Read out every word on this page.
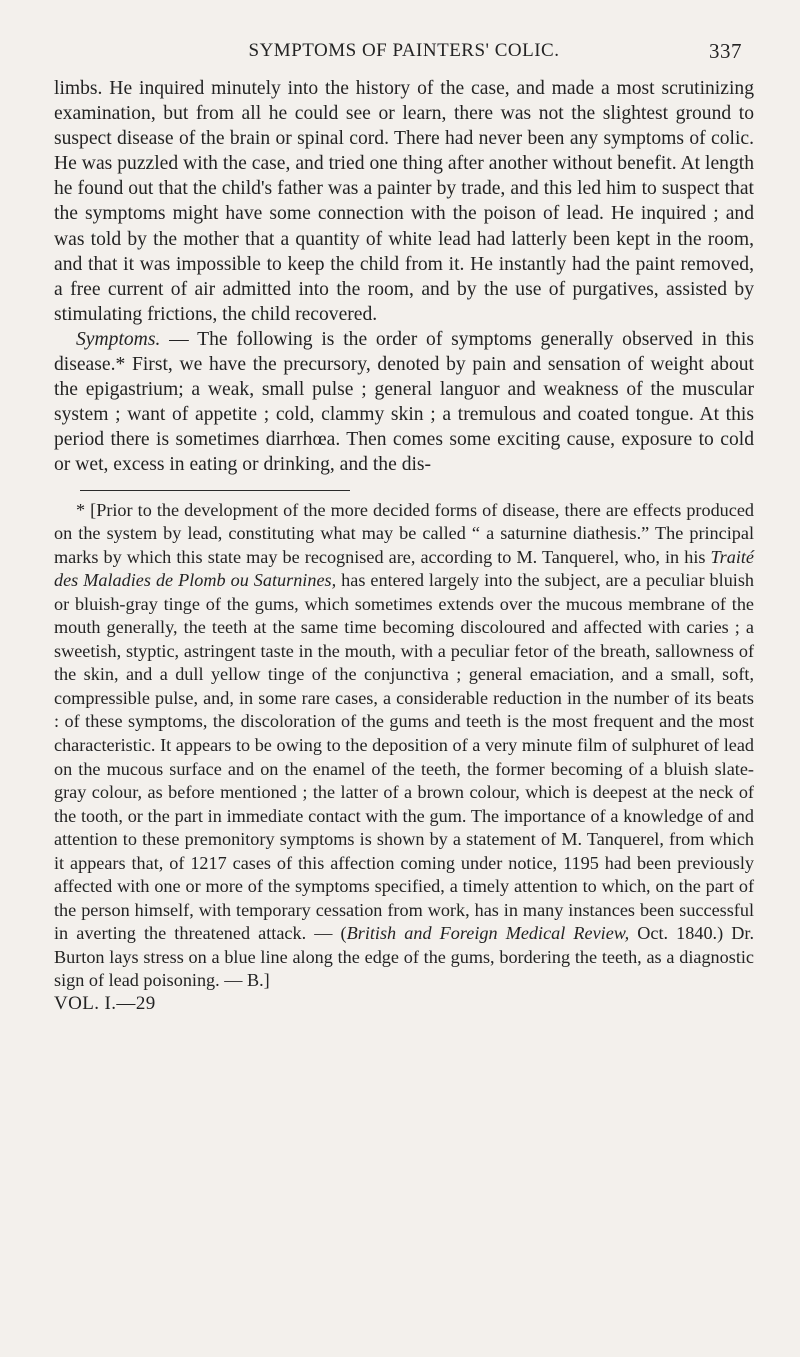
SYMPTOMS OF PAINTERS' COLIC.	337

limbs. He inquired minutely into the history of the case, and made a most scrutinizing examination, but from all he could see or learn, there was not the slightest ground to suspect disease of the brain or spinal cord. There had never been any symptoms of colic. He was puzzled with the case, and tried one thing after another without benefit. At length he found out that the child's father was a painter by trade, and this led him to suspect that the symptoms might have some connection with the poison of lead. He inquired ; and was told by the mother that a quantity of white lead had latterly been kept in the room, and that it was impossible to keep the child from it. He instantly had the paint removed, a free current of air admitted into the room, and by the use of purgatives, assisted by stimulating frictions, the child recovered.

Symptoms. — The following is the order of symptoms generally observed in this disease.* First, we have the precursory, denoted by pain and sensation of weight about the epigastrium; a weak, small pulse ; general languor and weakness of the muscular system ; want of appetite ; cold, clammy skin ; a tremulous and coated tongue. At this period there is sometimes diarrhœa. Then comes some exciting cause, exposure to cold or wet, excess in eating or drinking, and the dis-

* [Prior to the development of the more decided forms of disease, there are effects produced on the system by lead, constituting what may be called “ a saturnine diathesis.” The principal marks by which this state may be recognised are, according to M. Tanquerel, who, in his Traité des Maladies de Plomb ou Saturnines, has entered largely into the subject, are a peculiar bluish or bluish-gray tinge of the gums, which sometimes extends over the mucous membrane of the mouth generally, the teeth at the same time becoming discoloured and affected with caries ; a sweetish, styptic, astringent taste in the mouth, with a peculiar fetor of the breath, sallowness of the skin, and a dull yellow tinge of the conjunctiva ; general emaciation, and a small, soft, compressible pulse, and, in some rare cases, a considerable reduction in the number of its beats : of these symptoms, the discoloration of the gums and teeth is the most frequent and the most characteristic. It appears to be owing to the deposition of a very minute film of sulphuret of lead on the mucous surface and on the enamel of the teeth, the former becoming of a bluish slate-gray colour, as before mentioned ; the latter of a brown colour, which is deepest at the neck of the tooth, or the part in immediate contact with the gum. The importance of a knowledge of and attention to these premonitory symptoms is shown by a statement of M. Tanquerel, from which it appears that, of 1217 cases of this affection coming under notice, 1195 had been previously affected with one or more of the symptoms specified, a timely attention to which, on the part of the person himself, with temporary cessation from work, has in many instances been successful in averting the threatened attack. — (British and Foreign Medical Review, Oct. 1840.) Dr. Burton lays stress on a blue line along the edge of the gums, bordering the teeth, as a diagnostic sign of lead poisoning. — B.]

VOL. I.—29
